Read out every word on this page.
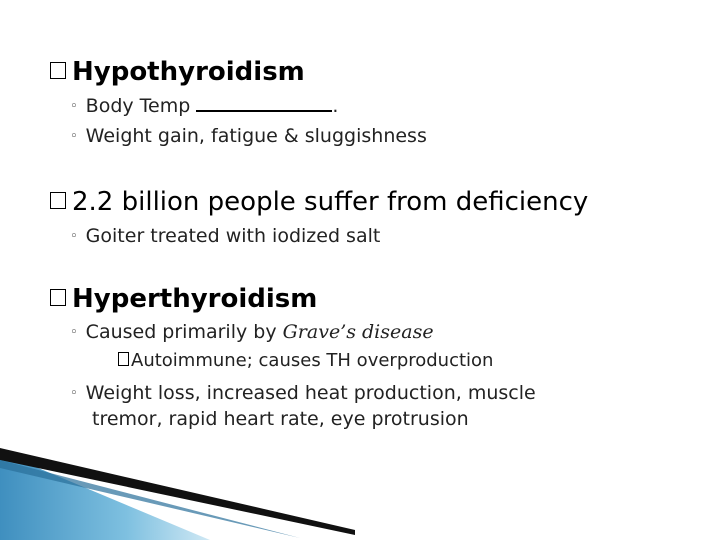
Hypothyroidism
◦ Body Temp	.
◦ Weight gain, fatigue & sluggishness
2.2 billion people suffer from deficiency
◦ Goiter treated with iodized salt
Hyperthyroidism
◦ Caused primarily by Grave’s disease
Autoimmune; causes TH overproduction
◦ Weight loss, increased heat production, muscle
tremor, rapid heart rate, eye protrusion
